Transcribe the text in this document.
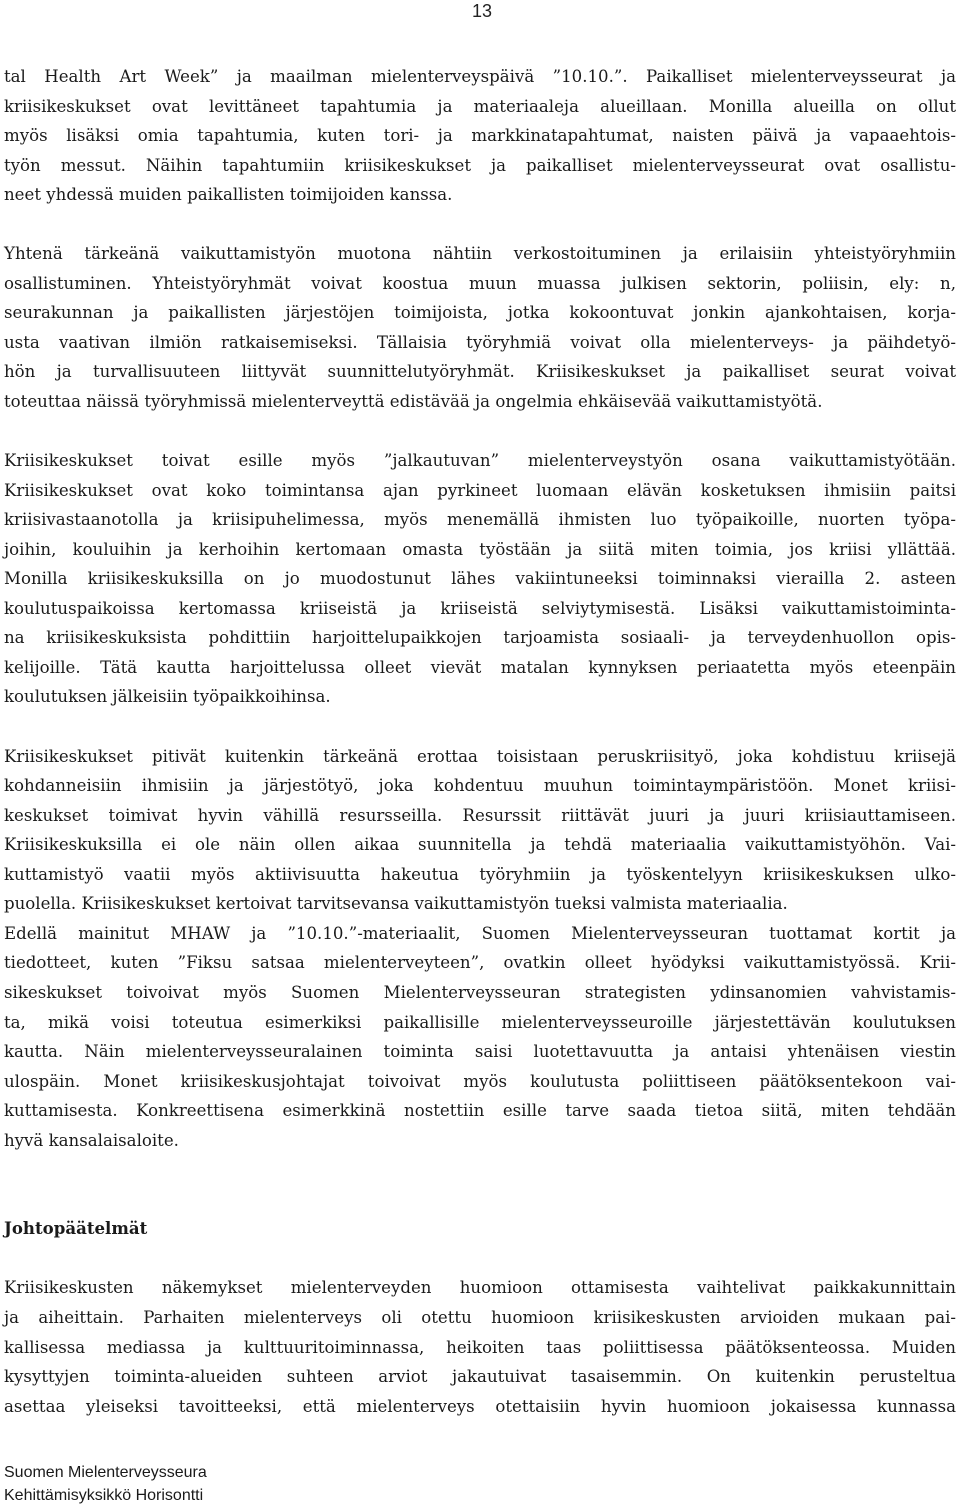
13
tal Health Art Week” ja maailman mielenterveyspäivä ”10.10.”. Paikalliset mielenterveysseurat ja
kriisikeskukset ovat levittäneet tapahtumia ja materiaaleja alueillaan. Monilla alueilla on ollut
myös lisäksi omia tapahtumia, kuten tori- ja markkinatapahtumat, naisten päivä ja vapaaehtois-
työn messut. Näihin tapahtumiin kriisikeskukset ja paikalliset mielenterveysseurat ovat osallistu-
neet yhdessä muiden paikallisten toimijoiden kanssa.
Yhtenä tärkeänä vaikuttamistyön muotona nähtiin verkostoituminen ja erilaisiin yhteistyöryhmiin
osallistuminen. Yhteistyöryhmät voivat koostua muun muassa julkisen sektorin, poliisin, ely: n,
seurakunnan ja paikallisten järjestöjen toimijoista, jotka kokoontuvat jonkin ajankohtaisen, korja-
usta vaativan ilmiön ratkaisemiseksi. Tällaisia työryhmiä voivat olla mielenterveys- ja päihdetyö-
hön ja turvallisuuteen liittyvät suunnittelutyöryhmät. Kriisikeskukset ja paikalliset seurat voivat
toteuttaa näissä työryhmissä mielenterveyttä edistävää ja ongelmia ehkäisevää vaikuttamistyötä.
Kriisikeskukset toivat esille myös ”jalkautuvan” mielenterveystyön osana vaikuttamistyötään.
Kriisikeskukset ovat koko toimintansa ajan pyrkineet luomaan elävän kosketuksen ihmisiin paitsi
kriisivastaanotolla ja kriisipuhelimessa, myös menemällä ihmisten luo työpaikoille, nuorten työpa-
joihin, kouluihin ja kerhoihin kertomaan omasta työstään ja siitä miten toimia, jos kriisi yllättää.
Monilla kriisikeskuksilla on jo muodostunut lähes vakiintuneeksi toiminnaksi vierailla 2. asteen
koulutuspaikoissa kertomassa kriiseistä ja kriiseistä selviytymisestä. Lisäksi vaikuttamistoiminta-
na kriisikeskuksista pohdittiin harjoittelupaikkojen tarjoamista sosiaali- ja terveydenhuollon opis-
kelijoille. Tätä kautta harjoittelussa olleet vievät matalan kynnyksen periaatetta myös eteenpäin
koulutuksen jälkeisiin työpaikkoihinsa.
Kriisikeskukset pitivät kuitenkin tärkeänä erottaa toisistaan peruskriisityö, joka kohdistuu kriisejä
kohdanneisiin ihmisiin ja järjestötyö, joka kohdentuu muuhun toimintaympäristöön. Monet kriisi-
keskukset toimivat hyvin vähillä resursseilla. Resurssit riittävät juuri ja juuri kriisiauttamiseen.
Kriisikeskuksilla ei ole näin ollen aikaa suunnitella ja tehdä materiaalia vaikuttamistyöhön. Vai-
kuttamistyö vaatii myös aktiivisuutta hakeutua työryhmiin ja työskentelyyn kriisikeskuksen ulko-
puolella. Kriisikeskukset kertoivat tarvitsevansa vaikuttamistyön tueksi valmista materiaalia.
Edellä mainitut MHAW ja ”10.10.”-materiaalit, Suomen Mielenterveysseuran tuottamat kortit ja
tiedotteet, kuten ”Fiksu satsaa mielenterveyteen”, ovatkin olleet hyödyksi vaikuttamistyössä. Krii-
sikeskukset toivoivat myös Suomen Mielenterveysseuran strategisten ydinsanomien vahvistamis-
ta, mikä voisi toteutua esimerkiksi paikallisille mielenterveysseuroille järjestettävän koulutuksen
kautta. Näin mielenterveysseuralainen toiminta saisi luotettavuutta ja antaisi yhtenäisen viestin
ulospäin. Monet kriisikeskusjohtajat toivoivat myös koulutusta poliittiseen päätöksentekoon vai-
kuttamisesta. Konkreettisena esimerkkinä nostettiin esille tarve saada tietoa siitä, miten tehdään
hyvä kansalaisaloite.
Johtopäätelmät
Kriisikeskusten näkemykset mielenterveyden huomioon ottamisesta vaihtelivat paikkakunnittain
ja aiheittain. Parhaiten mielenterveys oli otettu huomioon kriisikeskusten arvioiden mukaan pai-
kallisessa mediassa ja kulttuuritoiminnassa, heikoiten taas poliittisessa päätöksenteossa. Muiden
kysyttyjen toiminta-alueiden suhteen arviot jakautuivat tasaisemmin. On kuitenkin perusteltua
asettaa yleiseksi tavoitteeksi, että mielenterveys otettaisiin hyvin huomioon jokaisessa kunnassa
Suomen Mielenterveysseura
Kehittämisyksikkö Horisontti
